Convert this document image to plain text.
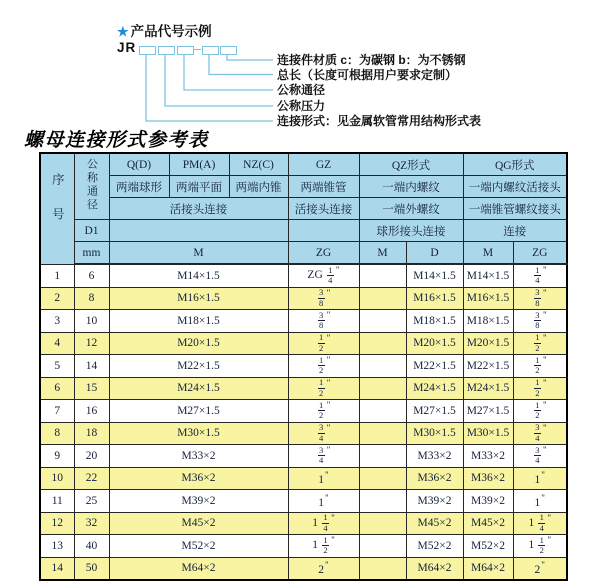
★ 产品代号示例
JR
连接件材质 c：为碳钢 b：为不锈钢
总长（长度可根据用户要求定制）
公称通径
公称压力
连接形式：见金属软管常用结构形式表
螺母连接形式参考表
序号	公称通径	Q(D)	PM(A)	NZ(C)	GZ	QZ形式		QG形式	
		两端球形	两端平面	两端内锥	两端锥管	一端内螺纹		一端内螺纹活接头	
		活接头连接			活接头连接	一端外螺纹		一端锥管螺纹接头	
	D1					球形接头连接		连接	
	mm	M			ZG	M	D	M	ZG
1	6	M14×1.5			ZG $\frac{1}{4} ^"$		M14×1.5	M14×1.5	$\frac{1}{4} ^"$
2	8	M16×1.5			$\frac{3}{8} ^"$		M16×1.5	M16×1.5	$\frac{3}{8} ^"$
3	10	M18×1.5			$\frac{3}{8} ^"$		M18×1.5	M18×1.5	$\frac{3}{8} ^"$
4	12	M20×1.5			$\frac{1}{2} ^"$		M20×1.5	M20×1.5	$\frac{1}{2} ^"$
5	14	M22×1.5			$\frac{1}{2} ^"$		M22×1.5	M22×1.5	$\frac{1}{2} ^"$
6	15	M24×1.5			$\frac{1}{2} ^"$		M24×1.5	M24×1.5	$\frac{1}{2} ^"$
7	16	M27×1.5			$\frac{1}{2} ^"$		M27×1.5	M27×1.5	$\frac{1}{2} ^"$
8	18	M30×1.5			$\frac{3}{4} ^"$		M30×1.5	M30×1.5	$\frac{3}{4} ^"$
9	20	M33×2			$\frac{3}{4} ^"$		M33×2	M33×2	$\frac{3}{4} ^"$
10	22	M36×2			1"		M36×2	M36×2	1"
11	25	M39×2			1"		M39×2	M39×2	1"
12	32	M45×2			$1 \frac{1}{4} ^"$		M45×2	M45×2	$1 \frac{1}{4} ^"$
13	40	M52×2			$1 \frac{1}{2} ^"$		M52×2	M52×2	$1 \frac{1}{2} ^"$
14	50	M64×2			2"		M64×2	M64×2	2"
